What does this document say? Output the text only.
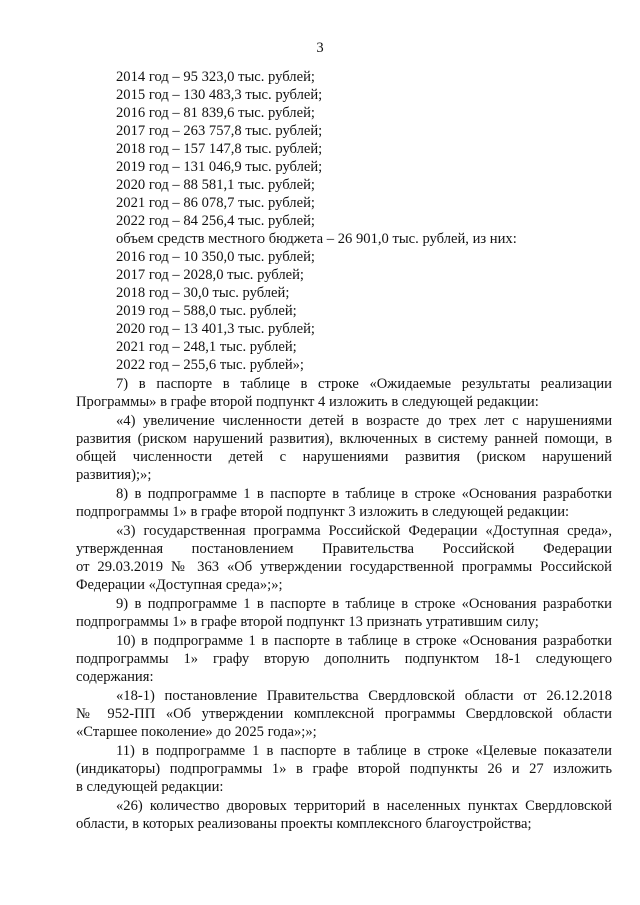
3
2014 год – 95 323,0 тыс. рублей;
2015 год – 130 483,3 тыс. рублей;
2016 год – 81 839,6 тыс. рублей;
2017 год – 263 757,8 тыс. рублей;
2018 год – 157 147,8 тыс. рублей;
2019 год – 131 046,9 тыс. рублей;
2020 год – 88 581,1 тыс. рублей;
2021 год – 86 078,7 тыс. рублей;
2022 год – 84 256,4 тыс. рублей;
объем средств местного бюджета – 26 901,0 тыс. рублей, из них:
2016 год – 10 350,0 тыс. рублей;
2017 год – 2028,0 тыс. рублей;
2018 год – 30,0 тыс. рублей;
2019 год – 588,0 тыс. рублей;
2020 год – 13 401,3 тыс. рублей;
2021 год – 248,1 тыс. рублей;
2022 год – 255,6 тыс. рублей»;
7) в паспорте в таблице в строке «Ожидаемые результаты реализации
Программы» в графе второй подпункт 4 изложить в следующей редакции:
«4) увеличение численности детей в возрасте до трех лет с нарушениями
развития (риском нарушений развития), включенных в систему ранней помощи, в
общей численности детей с нарушениями развития (риском нарушений
развития);»;
8) в подпрограмме 1 в паспорте в таблице в строке «Основания разработки
подпрограммы 1» в графе второй подпункт 3 изложить в следующей редакции:
«3) государственная программа Российской Федерации «Доступная среда»,
утвержденная постановлением Правительства Российской Федерации
от 29.03.2019 № 363 «Об утверждении государственной программы Российской
Федерации «Доступная среда»;»;
9) в подпрограмме 1 в паспорте в таблице в строке «Основания разработки
подпрограммы 1» в графе второй подпункт 13 признать утратившим силу;
10) в подпрограмме 1 в паспорте в таблице в строке «Основания разработки
подпрограммы 1» графу вторую дополнить подпунктом 18-1 следующего
содержания:
«18-1) постановление Правительства Свердловской области от 26.12.2018
№ 952-ПП «Об утверждении комплексной программы Свердловской области
«Старшее поколение» до 2025 года»;»;
11) в подпрограмме 1 в паспорте в таблице в строке «Целевые показатели
(индикаторы) подпрограммы 1» в графе второй подпункты 26 и 27 изложить
в следующей редакции:
«26) количество дворовых территорий в населенных пунктах Свердловской
области, в которых реализованы проекты комплексного благоустройства;
